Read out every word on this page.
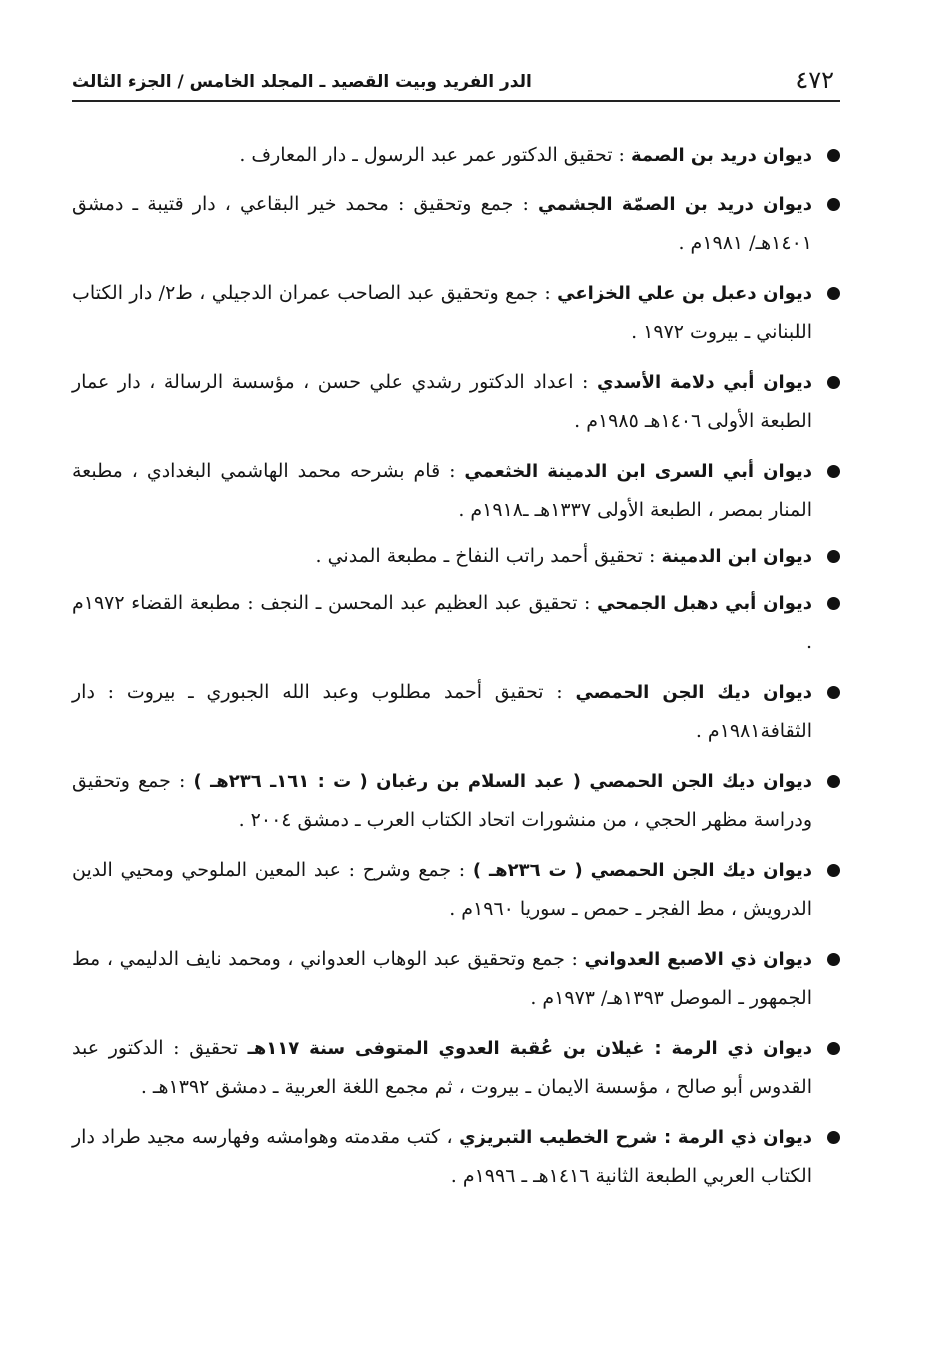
٤٧٢
الدر الفريد وبيت القصيد ـ المجلد الخامس / الجزء الثالث
ديوان دريد بن الصمة : تحقيق الدكتور عمر عبد الرسول ـ دار المعارف .
ديوان دريد بن الصمّة الجشمي : جمع وتحقيق : محمد خير البقاعي ، دار قتيبة ـ دمشق ١٤٠١هـ/ ١٩٨١م .
ديوان دعبل بن علي الخزاعي : جمع وتحقيق عبد الصاحب عمران الدجيلي ، ط٢/ دار الكتاب اللبناني ـ بيروت ١٩٧٢ .
ديوان أبي دلامة الأسدي : اعداد الدكتور رشدي علي حسن ، مؤسسة الرسالة ، دار عمار الطبعة الأولى ١٤٠٦هـ ١٩٨٥م .
ديوان أبي السرى ابن الدمينة الخثعمي : قام بشرحه محمد الهاشمي البغدادي ، مطبعة المنار بمصر ، الطبعة الأولى ١٣٣٧هـ ـ١٩١٨م .
ديوان ابن الدمينة : تحقيق أحمد راتب النفاخ ـ مطبعة المدني .
ديوان أبي دهبل الجمحي : تحقيق عبد العظيم عبد المحسن ـ النجف : مطبعة القضاء ١٩٧٢م .
ديوان ديك الجن الحمصي : تحقيق أحمد مطلوب وعبد الله الجبوري ـ بيروت : دار الثقافة١٩٨١م .
ديوان ديك الجن الحمصي ( عبد السلام بن رغبان ( ت : ١٦١ـ ٢٣٦هـ ) : جمع وتحقيق ودراسة مظهر الحجي ، من منشورات اتحاد الكتاب العرب ـ دمشق ٢٠٠٤ .
ديوان ديك الجن الحمصي ( ت ٢٣٦هـ ) : جمع وشرح : عبد المعين الملوحي ومحيي الدين الدرويش ، مط الفجر ـ حمص ـ سوريا ١٩٦٠م .
ديوان ذي الاصبع العدواني : جمع وتحقيق عبد الوهاب العدواني ، ومحمد نايف الدليمي ، مط الجمهور ـ الموصل ١٣٩٣هـ/ ١٩٧٣م .
ديوان ذي الرمة : غيلان بن عُقبة العدوي المتوفى سنة ١١٧هـ تحقيق : الدكتور عبد القدوس أبو صالح ، مؤسسة الايمان ـ بيروت ، ثم مجمع اللغة العربية ـ دمشق ١٣٩٢هـ .
ديوان ذي الرمة : شرح الخطيب التبريزي ، كتب مقدمته وهوامشه وفهارسه مجيد طراد دار الكتاب العربي الطبعة الثانية ١٤١٦هـ ـ ١٩٩٦م .
